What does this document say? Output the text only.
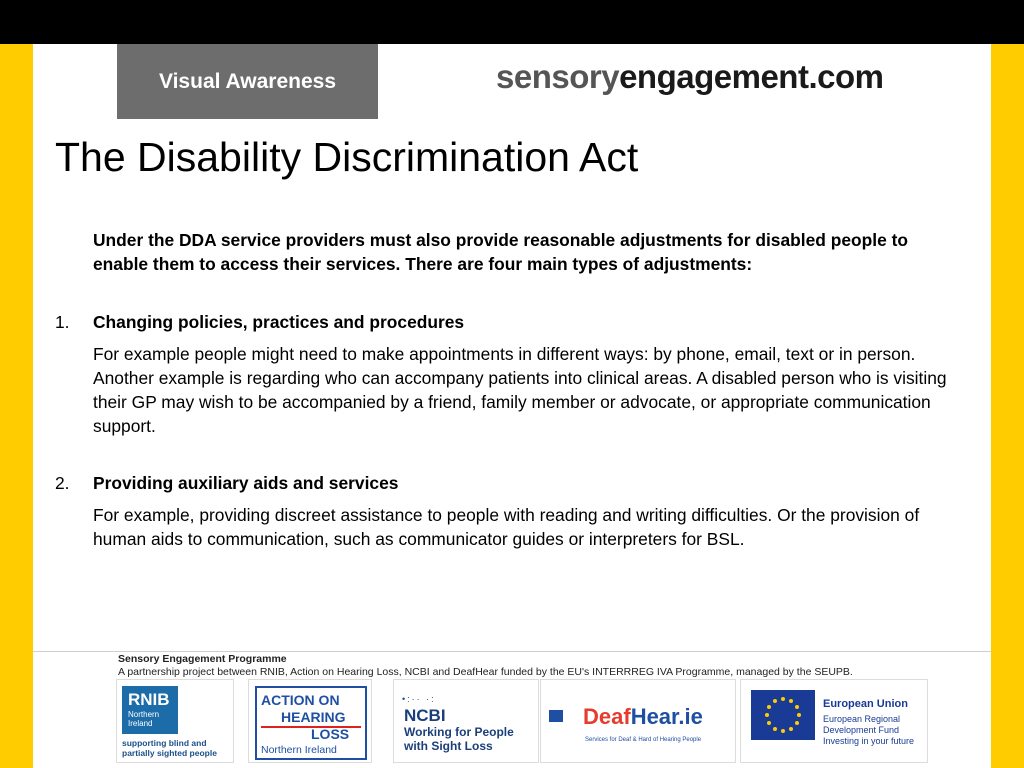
Visual Awareness	sensoryengagement.com
The Disability Discrimination Act
Under the DDA service providers must also provide reasonable adjustments for disabled people to enable them to access their services. There are four main types of adjustments:
1. Changing policies, practices and procedures
For example people might need to make appointments in different ways: by phone, email, text or in person. Another example is regarding who can accompany patients into clinical areas. A disabled person who is visiting their GP may wish to be accompanied by a friend, family member or advocate, or appropriate communication support.
2. Providing auxiliary aids and services
For example, providing discreet assistance to people with reading and writing difficulties. Or the provision of human aids to communication, such as communicator guides or interpreters for BSL.
Sensory Engagement Programme
A partnership project between RNIB, Action on Hearing Loss, NCBI and DeafHear funded by the EU's INTERRREG IVA Programme, managed by the SEUPB.
RNIB
Northern Ireland
supporting blind and partially sighted people
ACTION ON
HEARING
LOSS
Northern Ireland
•:·· ·:
NCBI
Working for People with Sight Loss
DeafHear.ie
Services for Deaf & Hard of Hearing People
European Union
European Regional Development Fund
Investing in your future
